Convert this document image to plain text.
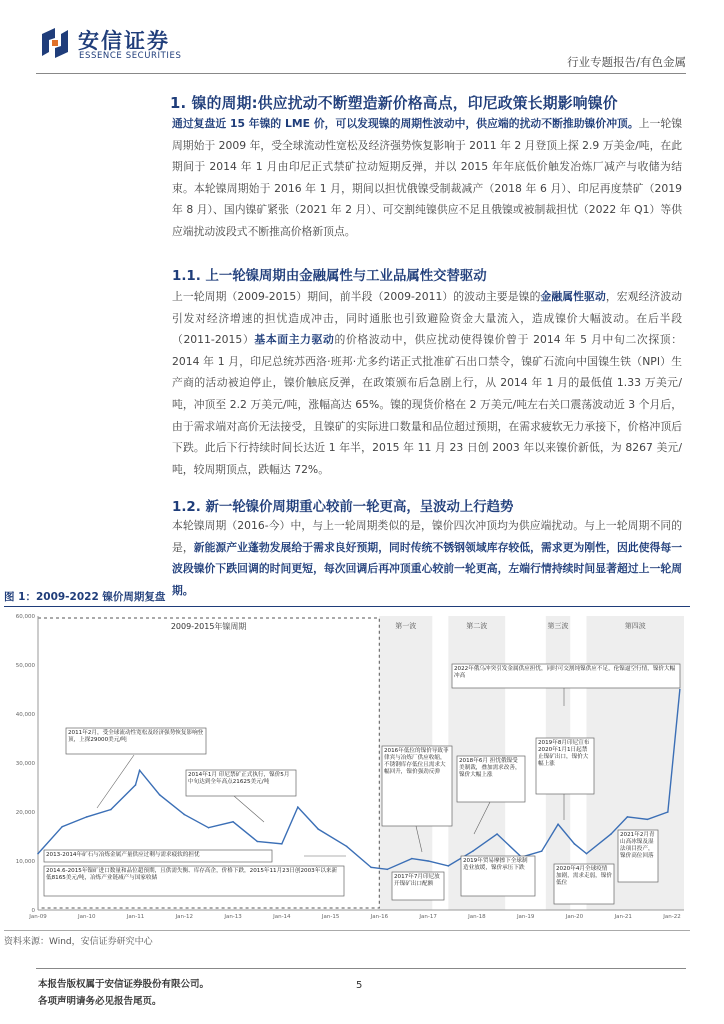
安信证券
ESSENCE SECURITIES	行业专题报告/有色金属
1. 镍的周期:供应扰动不断塑造新价格高点，印尼政策长期影响镍价
通过复盘近 15 年镍的 LME 价，可以发现镍的周期性波动中，供应端的扰动不断推助镍价冲顶。上一轮镍周期始于 2009 年，受全球流动性宽松及经济强势恢复影响于 2011 年 2 月登顶上探 2.9 万美金/吨，在此期间于 2014 年 1 月由印尼正式禁矿拉动短期反弹，并以 2015 年年底低价触发冶炼厂减产与收储为结束。本轮镍周期始于 2016 年 1 月，期间以担忧俄镍受制裁减产（2018 年 6 月）、印尼再度禁矿（2019 年 8 月）、国内镍矿紧张（2021 年 2 月）、可交割纯镍供应不足且俄镍或被制裁担忧（2022 年 Q1）等供应端扰动波段式不断推高价格新顶点。
1.1. 上一轮镍周期由金融属性与工业品属性交替驱动
上一轮周期（2009-2015）期间，前半段（2009-2011）的波动主要是镍的金融属性驱动，宏观经济波动引发对经济增速的担忧造成冲击，同时通胀也引致避险资金大量流入，造成镍价大幅波动。在后半段（2011-2015）基本面主力驱动的价格波动中，供应扰动使得镍价曾于 2014 年 5 月中旬二次探顶：2014 年 1 月，印尼总统苏西洛·班邦·尤多约诺正式批准矿石出口禁令，镍矿石流向中国镍生铁（NPI）生产商的活动被迫停止，镍价触底反弹，在政策颁布后急剧上行，从 2014 年 1 月的最低值 1.33 万美元/吨，冲顶至 2.2 万美元/吨，涨幅高达 65%。镍的现货价格在 2 万美元/吨左右关口震荡波动近 3 个月后，由于需求端对高价无法接受，且镍矿的实际进口数量和品位超过预期，在需求疲软无力承接下，价格冲顶后下跌。此后下行持续时间长达近 1 年半，2015 年 11 月 23 日创 2003 年以来镍价新低，为 8267 美元/吨，较周期顶点，跌幅达 72%。
1.2. 新一轮镍价周期重心较前一轮更高，呈波动上行趋势
本轮镍周期（2016-今）中，与上一轮周期类似的是，镍价四次冲顶均为供应端扰动。与上一轮周期不同的是，新能源产业蓬勃发展给于需求良好预期，同时传统不锈钢领域库存较低，需求更为刚性，因此使得每一波段镍价下跌回调的时间更短，每次回调后再冲顶重心较前一轮更高，左端行情持续时间显著超过上一轮周期。
图 1：2009-2022 镍价周期复盘
第一波	第二波	第三波	第四波
2009-2015年镍周期
0
10,000
20,000
30,000
40,000
50,000
60,000
Jan-09	Jan-10	Jan-11	Jan-12	Jan-13	Jan-14	Jan-15	Jan-16	Jan-17	Jan-18	Jan-19	Jan-20	Jan-21	Jan-22
2011年2月，受全球流动性宽松及经济强势恢复影响登顶，上探29000美元/吨
2014年1月 印尼禁矿正式执行，镍价5月中旬达到全年高点21625美元/吨
2013-2014年矿石与冶炼金属产量供应过剩与需求疲软的担忧
2014.6-2015年镍矿进口数量和品位超预期，且供需失衡、库存高企，价格下跌，2015年11月23日创2003年以来新低8165美元/吨，冶炼产业链减产与国家收储
2016年低位的镍价导致菲律宾与冶炼厂供应收缩，不锈钢库存低位且需求大幅回升，镍价强劲反弹
2017年7月印尼放开镍矿出口配额
2018年6月 担忧俄镍受美制裁，叠加需求改善，镍价大幅上涨
2019年贸易摩擦下全球制造业放缓，镍价承压下跌
2019年8月印尼宣布2020年1月1日起禁止镍矿出口，镍价大幅上涨
2020年4月全球疫情加剧，需求走弱，镍价低位
2021年2月青山高冰镍及湿法项目投产，镍价高位回落
2022年俄乌冲突引发金属供应担忧，同时可交割纯镍供应不足，伦镍逼空行情，镍价大幅冲高
资料来源：Wind，安信证券研究中心
本报告版权属于安信证券股份有限公司。
各项声明请务必见报告尾页。
5
